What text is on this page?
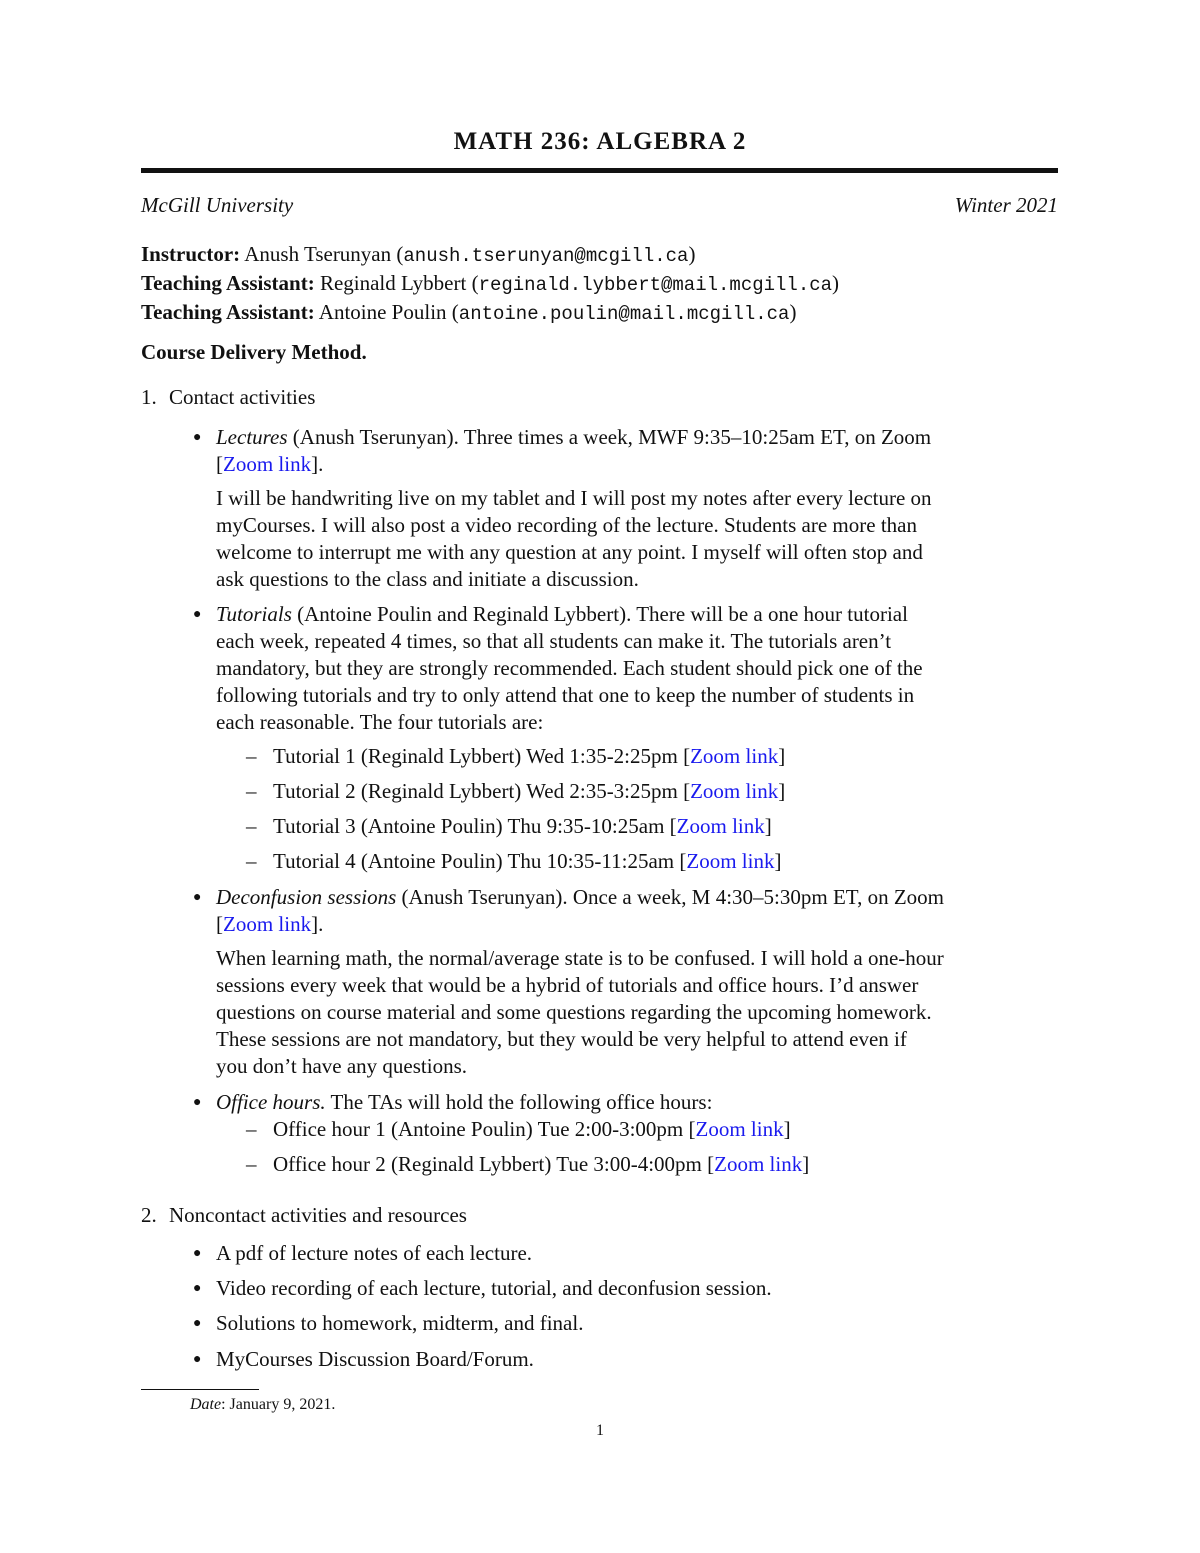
MATH 236: ALGEBRA 2
McGill University	Winter 2021
Instructor: Anush Tserunyan (anush.tserunyan@mcgill.ca)
Teaching Assistant: Reginald Lybbert (reginald.lybbert@mail.mcgill.ca)
Teaching Assistant: Antoine Poulin (antoine.poulin@mail.mcgill.ca)
Course Delivery Method.
1. Contact activities
● Lectures (Anush Tserunyan). Three times a week, MWF 9:35–10:25am ET, on Zoom
[Zoom link].
I will be handwriting live on my tablet and I will post my notes after every lecture on
myCourses. I will also post a video recording of the lecture. Students are more than
welcome to interrupt me with any question at any point. I myself will often stop and
ask questions to the class and initiate a discussion.
● Tutorials (Antoine Poulin and Reginald Lybbert). There will be a one hour tutorial
each week, repeated 4 times, so that all students can make it. The tutorials aren’t
mandatory, but they are strongly recommended. Each student should pick one of the
following tutorials and try to only attend that one to keep the number of students in
each reasonable. The four tutorials are:
– Tutorial 1 (Reginald Lybbert) Wed 1:35-2:25pm [Zoom link]
– Tutorial 2 (Reginald Lybbert) Wed 2:35-3:25pm [Zoom link]
– Tutorial 3 (Antoine Poulin) Thu 9:35-10:25am [Zoom link]
– Tutorial 4 (Antoine Poulin) Thu 10:35-11:25am [Zoom link]
● Deconfusion sessions (Anush Tserunyan). Once a week, M 4:30–5:30pm ET, on Zoom
[Zoom link].
When learning math, the normal/average state is to be confused. I will hold a one-hour
sessions every week that would be a hybrid of tutorials and office hours. I’d answer
questions on course material and some questions regarding the upcoming homework.
These sessions are not mandatory, but they would be very helpful to attend even if
you don’t have any questions.
● Office hours. The TAs will hold the following office hours:
– Office hour 1 (Antoine Poulin) Tue 2:00-3:00pm [Zoom link]
– Office hour 2 (Reginald Lybbert) Tue 3:00-4:00pm [Zoom link]
2. Noncontact activities and resources
● A pdf of lecture notes of each lecture.
● Video recording of each lecture, tutorial, and deconfusion session.
● Solutions to homework, midterm, and final.
● MyCourses Discussion Board/Forum.
Date: January 9, 2021.
1
